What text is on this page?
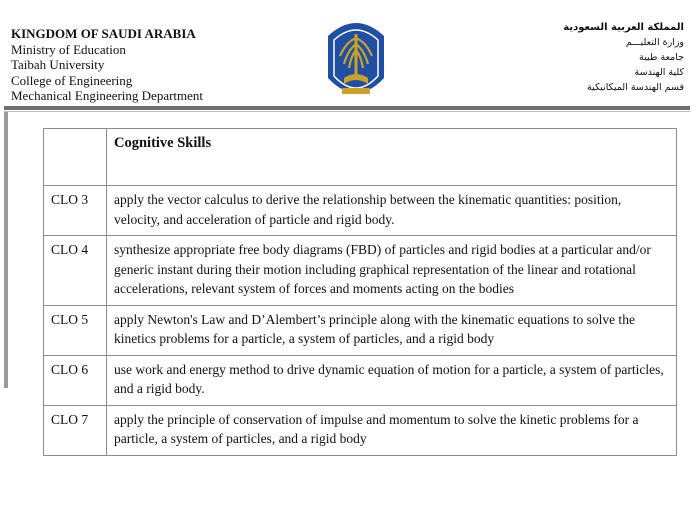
KINGDOM OF SAUDI ARABIA
Ministry of Education
Taibah University
College of Engineering
Mechanical Engineering Department
المملكة العربية السعودية
وزارة التعليـــم
جامعة طيبة
كلية الهندسة
قسم الهندسة الميكانيكية
	Cognitive Skills
CLO 3	apply the vector calculus to derive the relationship between the kinematic quantities: position, velocity, and acceleration of particle and rigid body.
CLO 4	synthesize appropriate free body diagrams (FBD) of particles and rigid bodies at a particular and/or generic instant during their motion including graphical representation of the linear and rotational accelerations, relevant system of forces and moments acting on the bodies
CLO 5	apply Newton's Law and D’Alembert’s principle along with the kinematic equations to solve the kinetics problems for a particle, a system of particles, and a rigid body
CLO 6	use work and energy method to drive dynamic equation of motion for a particle, a system of particles, and a rigid body.
CLO 7	apply the principle of conservation of impulse and momentum to solve the kinetic problems for a particle, a system of particles, and a rigid body
